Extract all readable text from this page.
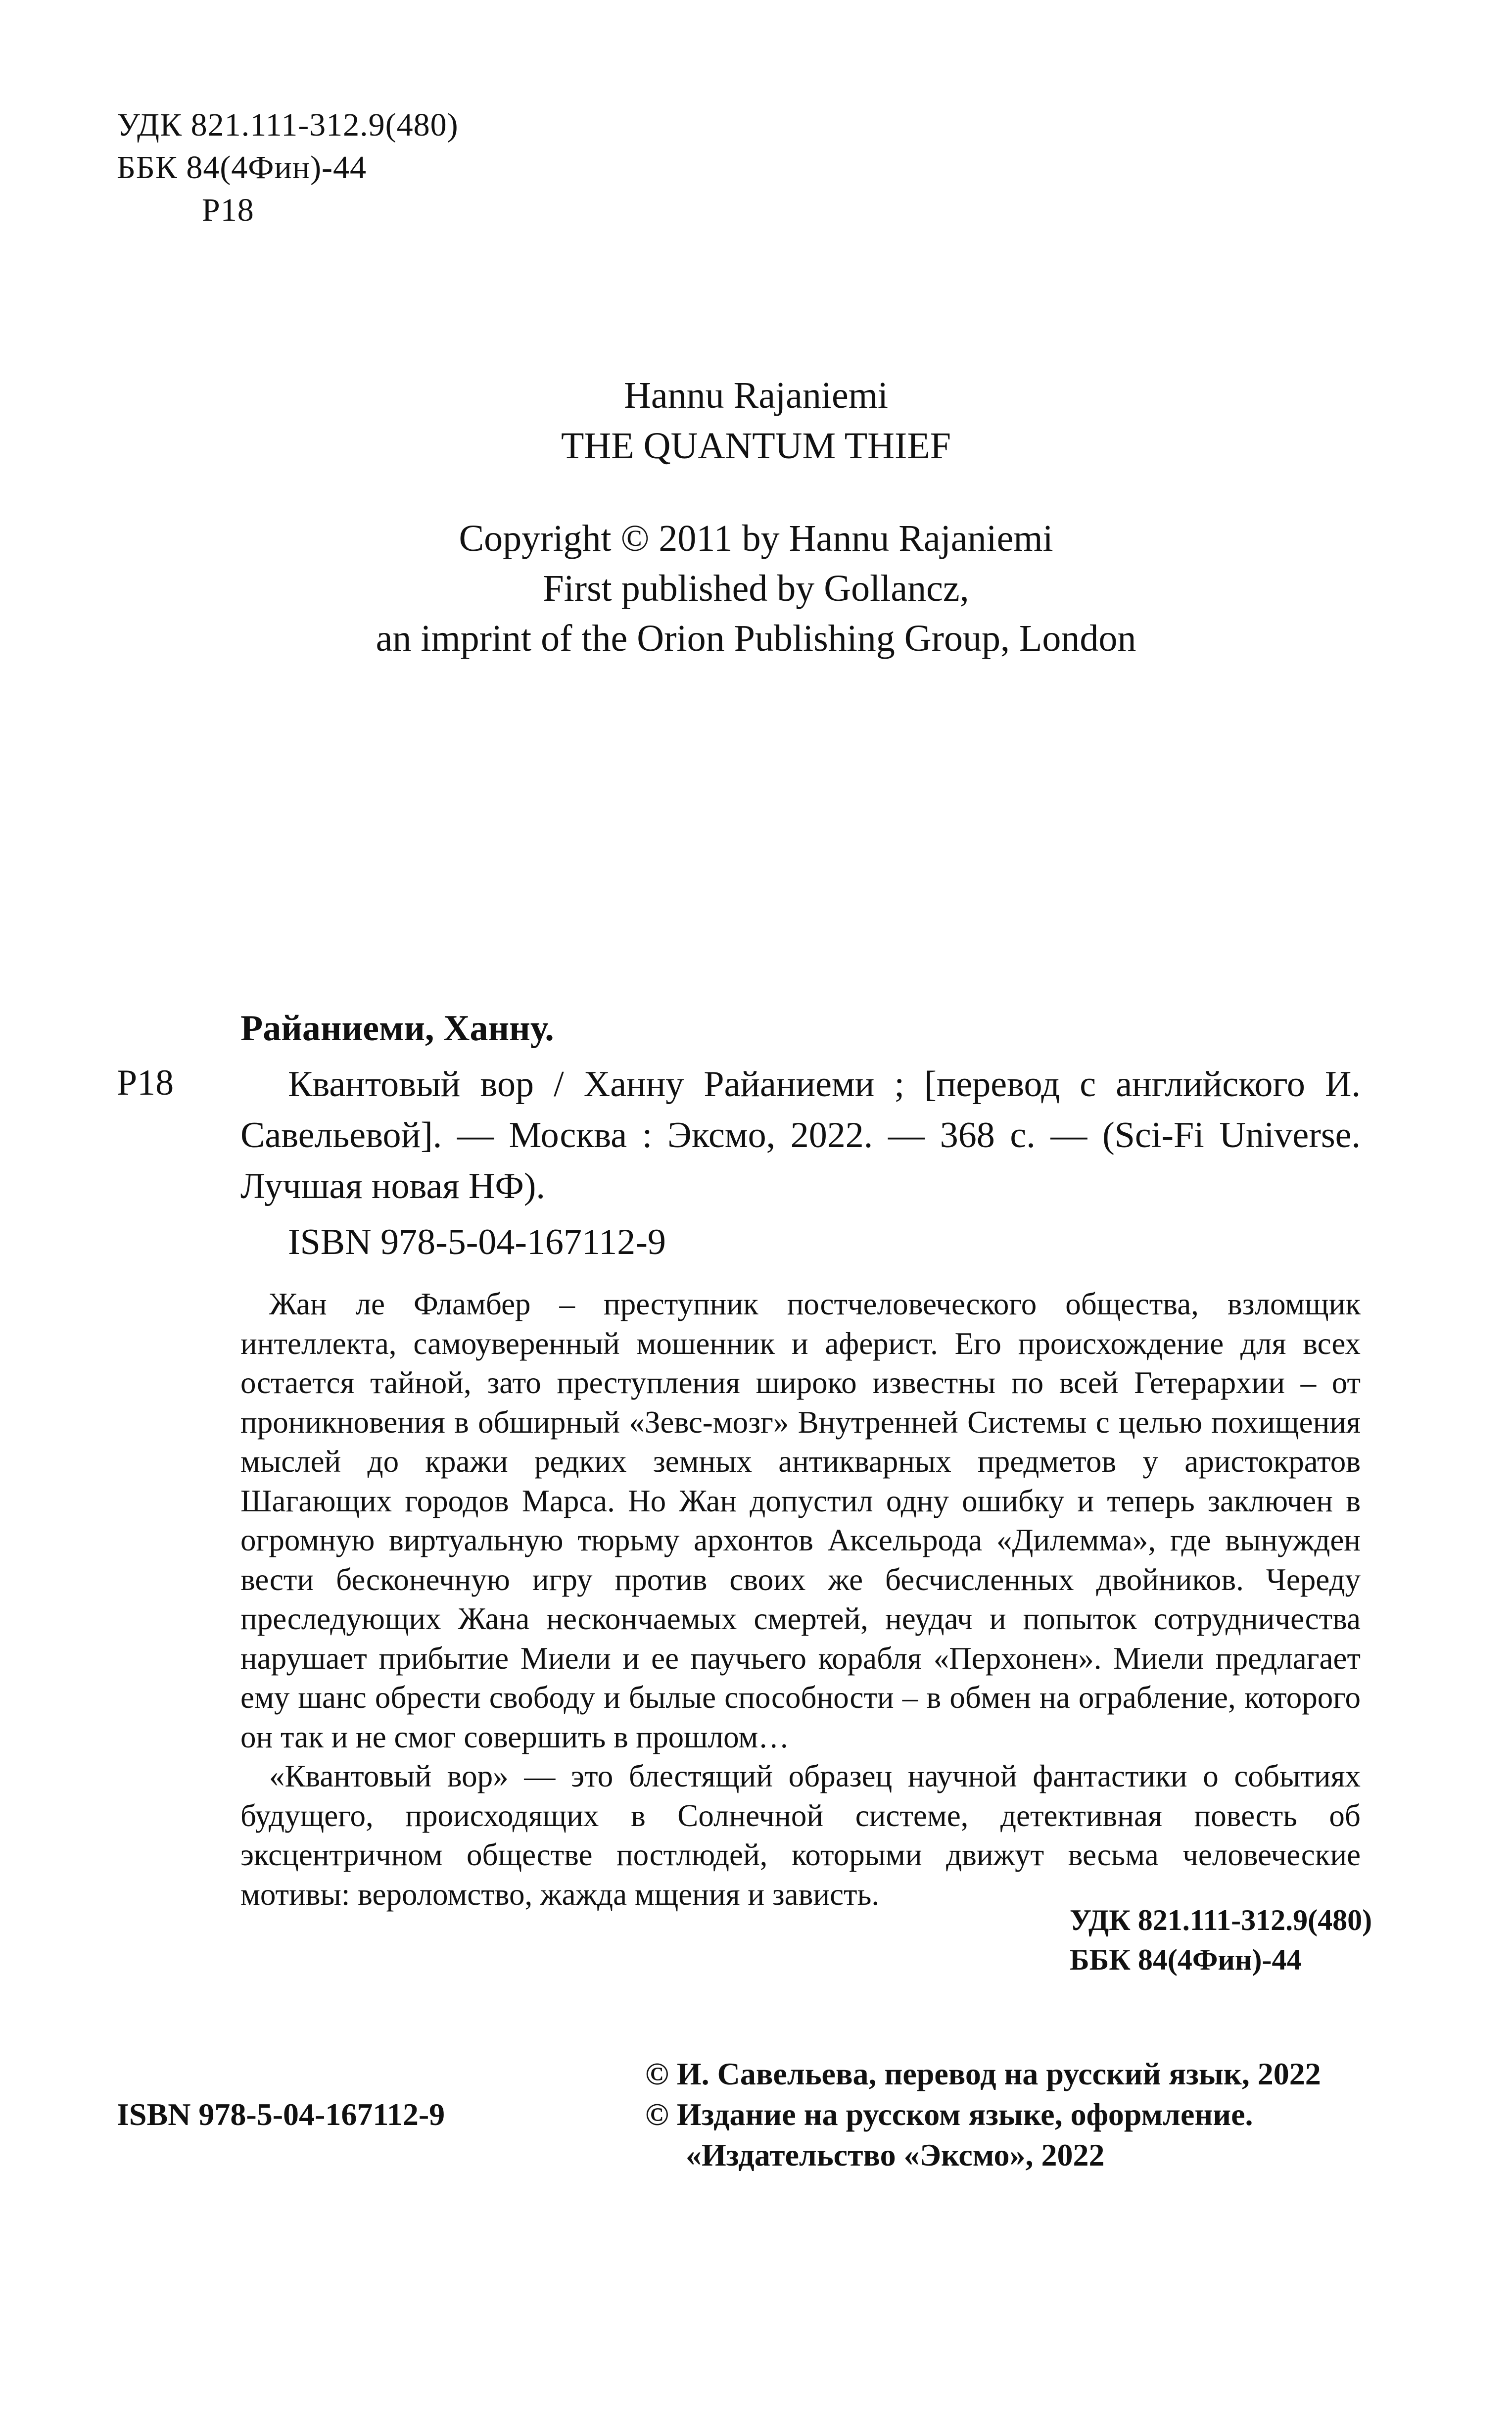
УДК 821.111-312.9(480)
ББК 84(4Фин)-44
Р18
Hannu Rajaniemi
THE QUANTUM THIEF
Copyright © 2011 by Hannu Rajaniemi
First published by Gollancz,
an imprint of the Orion Publishing Group, London
Райаниеми, Ханну.
Р18	Квантовый вор / Ханну Райаниеми ; [перевод с английского И. Савельевой]. — Москва : Эксмо, 2022. — 368 с. — (Sci-Fi Universe. Лучшая новая НФ).
ISBN 978-5-04-167112-9

Жан ле Фламбер – преступник постчеловеческого общества, взломщик интеллекта, самоуверенный мошенник и аферист. Его происхождение для всех остается тайной, зато преступления широко известны по всей Гетерархии – от проникновения в обширный «Зевс-мозг» Внутренней Системы с целью похищения мыслей до кражи редких земных антикварных предметов у аристократов Шагающих городов Марса. Но Жан допустил одну ошибку и теперь заключен в огромную виртуальную тюрьму архонтов Аксельрода «Дилемма», где вынужден вести бесконечную игру против своих же бесчисленных двойников. Череду преследующих Жана нескончаемых смертей, неудач и попыток сотрудничества нарушает прибытие Миели и ее паучьего корабля «Перхонен». Миели предлагает ему шанс обрести свободу и былые способности – в обмен на ограбление, которого он так и не смог совершить в прошлом…

«Квантовый вор» — это блестящий образец научной фантастики о событиях будущего, происходящих в Солнечной системе, детективная повесть об эксцентричном обществе постлюдей, которыми движут весьма человеческие мотивы: вероломство, жажда мщения и зависть.

УДК 821.111-312.9(480)
ББК 84(4Фин)-44
© И. Савельева, перевод на русский язык, 2022
© Издание на русском языке, оформление.
«Издательство «Эксмо», 2022
ISBN 978-5-04-167112-9
